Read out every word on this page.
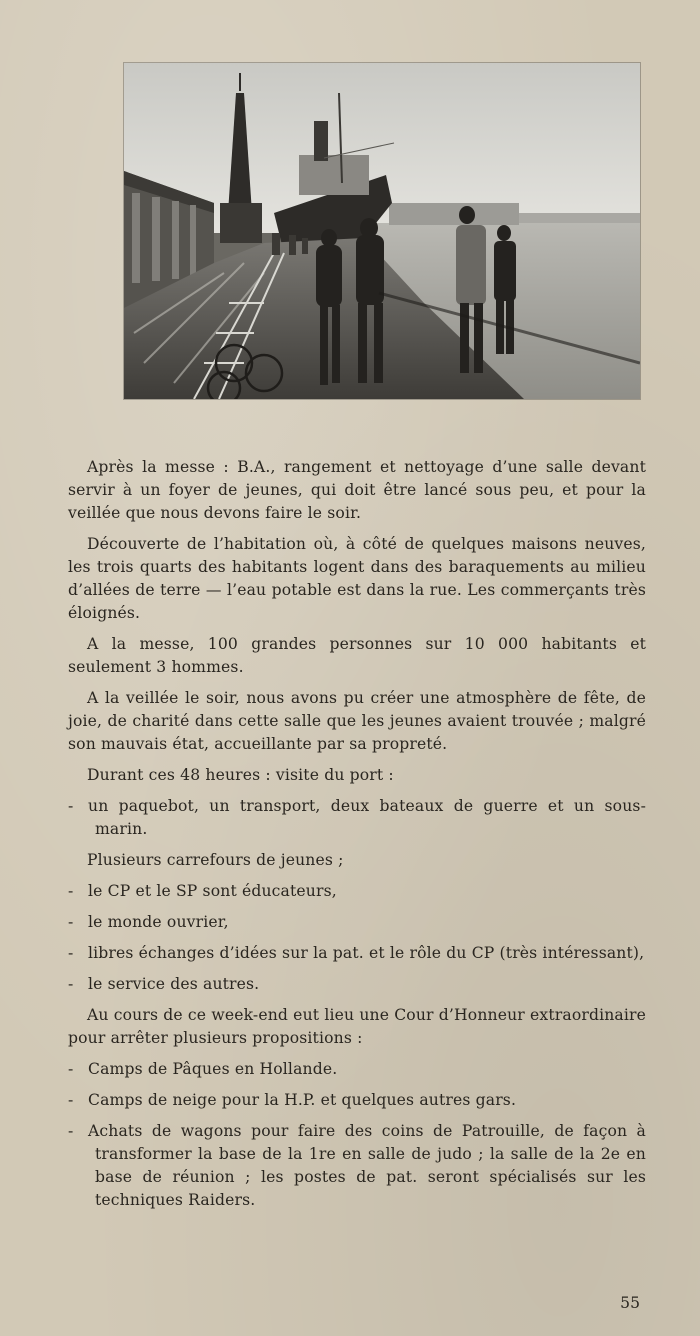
Après la messe : B.A., rangement et nettoyage d’une salle devant servir à un foyer de jeunes, qui doit être lancé sous peu, et pour la veillée que nous devons faire le soir.

Découverte de l’habitation où, à côté de quelques maisons neuves, les trois quarts des habitants logent dans des baraquements au milieu d’allées de terre — l’eau potable est dans la rue. Les commerçants très éloignés.

A la messe, 100 grandes personnes sur 10 000 habitants et seulement 3 hommes.

A la veillée le soir, nous avons pu créer une atmosphère de fête, de joie, de charité dans cette salle que les jeunes avaient trouvée ; malgré son mauvais état, accueillante par sa propreté.

Durant ces 48 heures : visite du port :

- un paquebot, un transport, deux bateaux de guerre et un sous-marin.

Plusieurs carrefours de jeunes ;

- le CP et le SP sont éducateurs,

- le monde ouvrier,

- libres échanges d’idées sur la pat. et le rôle du CP (très intéressant),

- le service des autres.

Au cours de ce week-end eut lieu une Cour d’Honneur extraordinaire pour arrêter plusieurs propositions :

- Camps de Pâques en Hollande.

- Camps de neige pour la H.P. et quelques autres gars.

- Achats de wagons pour faire des coins de Patrouille, de façon à transformer la base de la 1re en salle de judo ; la salle de la 2e en base de réunion ; les postes de pat. seront spécialisés sur les techniques Raiders.

55
